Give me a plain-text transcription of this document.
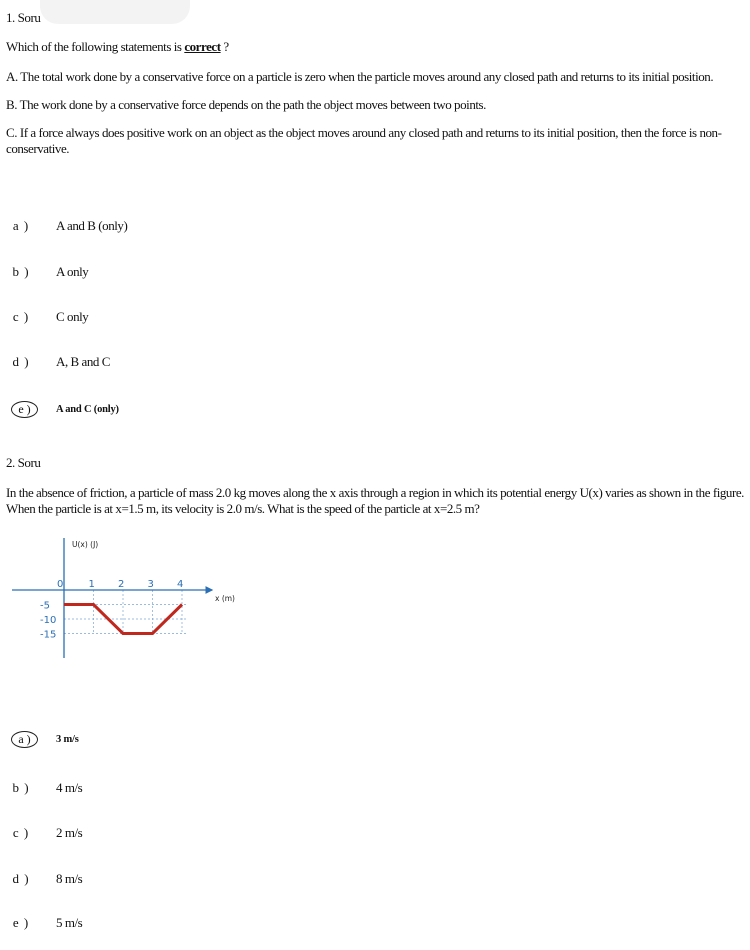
1. Soru
Which of the following statements is correct ?
A. The total work done by a conservative force on a particle is zero when the particle moves around any closed path and returns to its initial position.
B. The work done by a conservative force depends on the path the object moves between two points.
C. If a force always does positive work on an object as the object moves around any closed path and returns to its initial position, then the force is non-conservative.
a )	A and B (only)
b )	A only
c )	C only
d )	A, B and C
e )	A and C (only)
2. Soru
In the absence of friction, a particle of mass 2.0 kg moves along the x axis through a region in which its potential energy U(x) varies as shown in the figure. When the particle is at x=1.5 m, its velocity is 2.0 m/s. What is the speed of the particle at x=2.5 m?
U(x) (J)
x (m)
0	1 2 3 4
-5
-10
-15
a )	3 m/s
b )	4 m/s
c )	2 m/s
d )	8 m/s
e )	5 m/s
